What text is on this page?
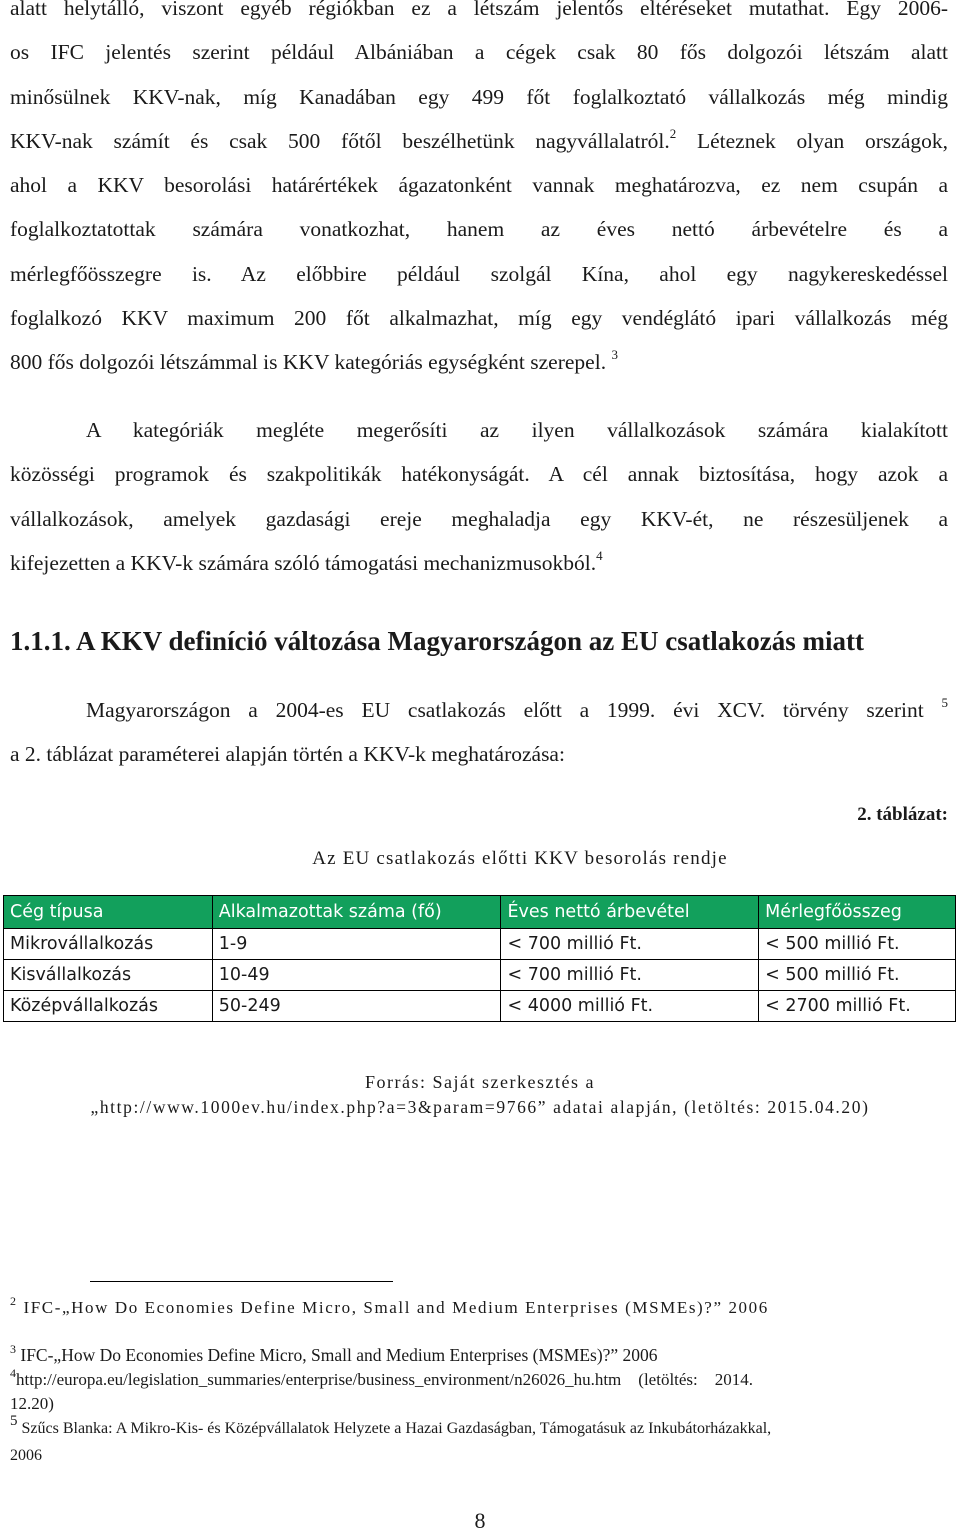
alatt helytálló, viszont egyéb régiókban ez a létszám jelentős eltéréseket mutathat. Egy 2006-
os IFC jelentés szerint például Albániában a cégek csak 80 fős dolgozói létszám alatt
minősülnek KKV-nak, míg Kanadában egy 499 főt foglalkoztató vállalkozás még mindig
KKV-nak számít és csak 500 főtől beszélhetünk nagyvállalatról.$^2$ Léteznek olyan országok,
ahol a KKV besorolási határértékek ágazatonként vannak meghatározva, ez nem csupán a
foglalkoztatottak számára vonatkozhat, hanem az éves nettó árbevételre és a
mérlegfőösszegre is. Az előbbire például szolgál Kína, ahol egy nagykereskedéssel
foglalkozó KKV maximum 200 főt alkalmazhat, míg egy vendéglátó ipari vállalkozás még
800 fős dolgozói létszámmal is KKV kategóriás egységként szerepel. $^3$
A kategóriák megléte megerősíti az ilyen vállalkozások számára kialakított
közösségi programok és szakpolitikák hatékonyságát. A cél annak biztosítása, hogy azok a
vállalkozások, amelyek gazdasági ereje meghaladja egy KKV-ét, ne részesüljenek a
kifejezetten a KKV-k számára szóló támogatási mechanizmusokból.$^4$
1.1.1. A KKV definíció változása Magyarországon az EU csatlakozás miatt
Magyarországon a 2004-es EU csatlakozás előtt a 1999. évi XCV. törvény szerint $^5$
a 2. táblázat paraméterei alapján történ a KKV-k meghatározása:

2. táblázat:

Az EU csatlakozás előtti KKV besorolás rendje

Cég típusa	Alkalmazottak száma (fő)	Éves nettó árbevétel	Mérlegfőösszeg
Mikrovállalkozás	1-9	< 700 millió Ft.	< 500 millió Ft.
Kisvállalkozás	10-49	< 700 millió Ft.	< 500 millió Ft.
Középvállalkozás	50-249	< 4000 millió Ft.	< 2700 millió Ft.

Forrás: Saját szerkesztés a

„http://www.1000ev.hu/index.php?a=3&param=9766” adatai alapján, (letöltés: 2015.04.20)

$^2$ IFC-„How Do Economies Define Micro, Small and Medium Enterprises (MSMEs)?” 2006

$^3$ IFC-„How Do Economies Define Micro, Small and Medium Enterprises (MSMEs)?” 2006

$^4$http://europa.eu/legislation_summaries/enterprise/business_environment/n26026_hu.htm    (letöltés:    2014.

12.20)

$^5$ Szűcs Blanka: A Mikro-Kis- és Középvállalatok Helyzete a Hazai Gazdaságban, Támogatásuk az Inkubátorházakkal,

2006

8
